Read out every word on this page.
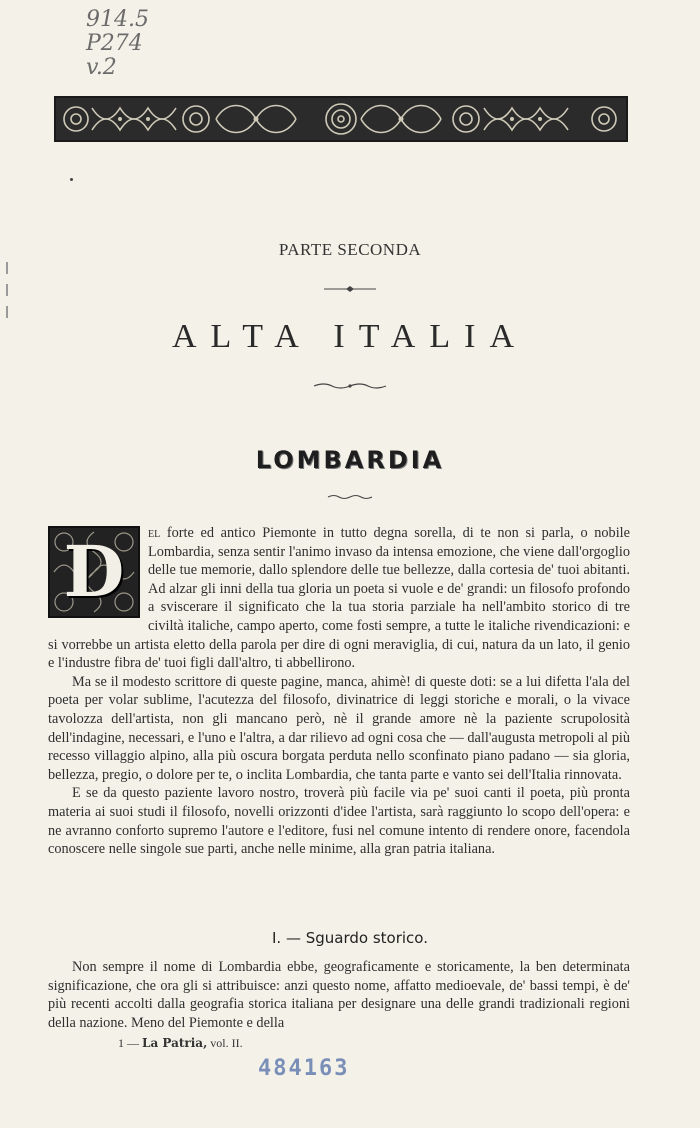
914.5
P274
v.2
PARTE SECONDA
ALTA ITALIA
LOMBARDIA

D	el forte ed antico Piemonte in tutto degna sorella, di te non si parla, o nobile Lombardia, senza sentir l'animo invaso da intensa emozione, che viene dall'orgoglio delle tue memorie, dallo splendore delle tue bellezze, dalla cortesia de' tuoi abitanti. Ad alzar gli inni della tua gloria un poeta si vuole e de' grandi: un filosofo profondo a sviscerare il significato che la tua storia parziale ha nell'ambito storico di tre civiltà italiche, campo aperto, come fosti sempre, a tutte le italiche rivendicazioni: e si vorrebbe un artista eletto della parola per dire di ogni meraviglia, di cui, natura da un lato, il genio e l'industre fibra de' tuoi figli dall'altro, ti abbellirono.

Ma se il modesto scrittore di queste pagine, manca, ahimè! di queste doti: se a lui difetta l'ala del poeta per volar sublime, l'acutezza del filosofo, divinatrice di leggi storiche e morali, o la vivace tavolozza dell'artista, non gli mancano però, nè il grande amore nè la paziente scrupolosità dell'indagine, necessari, e l'uno e l'altra, a dar rilievo ad ogni cosa che — dall'augusta metropoli al più recesso villaggio alpino, alla più oscura borgata perduta nello sconfinato piano padano — sia gloria, bellezza, pregio, o dolore per te, o inclita Lombardia, che tanta parte e vanto sei dell'Italia rinnovata.

E se da questo paziente lavoro nostro, troverà più facile via pe' suoi canti il poeta, più pronta materia ai suoi studi il filosofo, novelli orizzonti d'idee l'artista, sarà raggiunto lo scopo dell'opera: e ne avranno conforto supremo l'autore e l'editore, fusi nel comune intento di rendere onore, facendola conoscere nelle singole sue parti, anche nelle minime, alla gran patria italiana.

I. — Sguardo storico.

Non sempre il nome di Lombardia ebbe, geograficamente e storicamente, la ben determinata significazione, che ora gli si attribuisce: anzi questo nome, affatto medioevale, de' bassi tempi, è de' più recenti accolti dalla geografia storica italiana per designare una delle grandi tradizionali regioni della nazione. Meno del Piemonte e della

1 — La Patria, vol. II.
484163
